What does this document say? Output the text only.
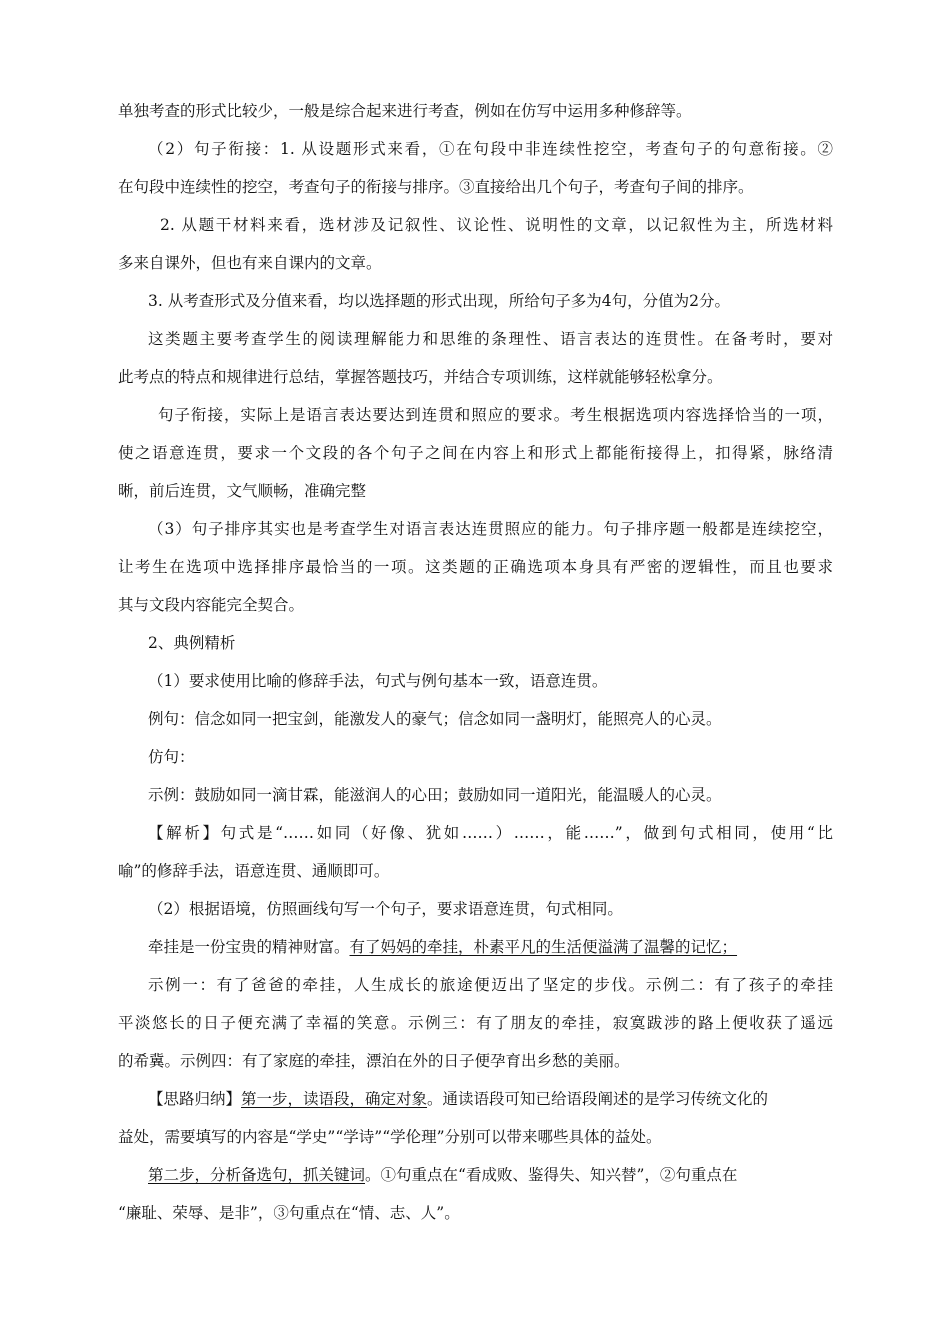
单独考查的形式比较少，一般是综合起来进行考查，例如在仿写中运用多种修辞等。
（2）句子衔接：1. 从设题形式来看，①在句段中非连续性挖空，考查句子的句意衔接。②
在句段中连续性的挖空，考查句子的衔接与排序。③直接给出几个句子，考查句子间的排序。
2. 从题干材料来看，选材涉及记叙性、议论性、说明性的文章，以记叙性为主，所选材料
多来自课外，但也有来自课内的文章。
3. 从考查形式及分值来看，均以选择题的形式出现，所给句子多为4句，分值为2分。
这类题主要考查学生的阅读理解能力和思维的条理性、语言表达的连贯性。在备考时，要对
此考点的特点和规律进行总结，掌握答题技巧，并结合专项训练，这样就能够轻松拿分。
句子衔接，实际上是语言表达要达到连贯和照应的要求。考生根据选项内容选择恰当的一项，
使之语意连贯，要求一个文段的各个句子之间在内容上和形式上都能衔接得上，扣得紧，脉络清
晰，前后连贯，文气顺畅，准确完整
（3）句子排序其实也是考查学生对语言表达连贯照应的能力。句子排序题一般都是连续挖空，
让考生在选项中选择排序最恰当的一项。这类题的正确选项本身具有严密的逻辑性，而且也要求
其与文段内容能完全契合。
2、典例精析
（1）要求使用比喻的修辞手法，句式与例句基本一致，语意连贯。
例句：信念如同一把宝剑，能激发人的豪气；信念如同一盏明灯，能照亮人的心灵。
仿句：
示例：鼓励如同一滴甘霖，能滋润人的心田；鼓励如同一道阳光，能温暖人的心灵。
【解析】句式是“……如同（好像、犹如……）……，能……”，做到句式相同，使用“比
喻”的修辞手法，语意连贯、通顺即可。
（2）根据语境，仿照画线句写一个句子，要求语意连贯，句式相同。
牵挂是一份宝贵的精神财富。有了妈妈的牵挂，朴素平凡的生活便溢满了温馨的记忆；
示例一：有了爸爸的牵挂，人生成长的旅途便迈出了坚定的步伐。示例二：有了孩子的牵挂
平淡悠长的日子便充满了幸福的笑意。示例三：有了朋友的牵挂，寂寞跋涉的路上便收获了遥远
的希冀。示例四：有了家庭的牵挂，漂泊在外的日子便孕育出乡愁的美丽。
【思路归纳】第一步，读语段，确定对象。通读语段可知已给语段阐述的是学习传统文化的
益处，需要填写的内容是“学史”“学诗”“学伦理”分别可以带来哪些具体的益处。
第二步，分析备选句，抓关键词。①句重点在“看成败、鉴得失、知兴替”，②句重点在
“廉耻、荣辱、是非”，③句重点在“情、志、人”。
